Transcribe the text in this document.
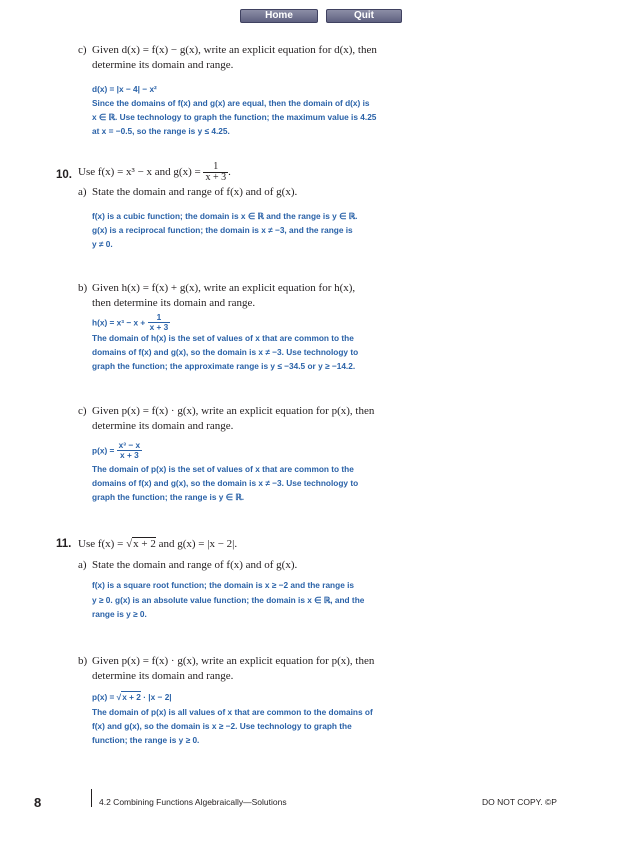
Home	Quit
c) Given d(x) = f(x) − g(x), write an explicit equation for d(x), then
determine its domain and range.
d(x) = |x − 4| − x²
Since the domains of f(x) and g(x) are equal, then the domain of d(x) is
x ∈ ℝ. Use technology to graph the function; the maximum value is 4.25
at x = −0.5, so the range is y ≤ 4.25.
10. Use f(x) = x³ − x and $g(x) = \frac{1}{x + 3}$ .
a) State the domain and range of f(x) and of g(x).
f(x) is a cubic function; the domain is x ∈ ℝ and the range is y ∈ ℝ.
g(x) is a reciprocal function; the domain is x ≠ −3, and the range is
y ≠ 0.
b) Given h(x) = f(x) + g(x), write an explicit equation for h(x),
then determine its domain and range.
$h(x) = x^3 - x + \frac{1}{x + 3}$
The domain of h(x) is the set of values of x that are common to the
domains of f(x) and g(x), so the domain is x ≠ −3. Use technology to
graph the function; the approximate range is y ≤ −34.5 or y ≥ −14.2.
c) Given p(x) = f(x) · g(x), write an explicit equation for p(x), then
determine its domain and range.
$p(x) = \frac{\text{x³ − x}}{x + 3}$
The domain of p(x) is the set of values of x that are common to the
domains of f(x) and g(x), so the domain is x ≠ −3. Use technology to
graph the function; the range is y ∈ ℝ.
11. Use f(x) = √x + 2 and g(x) = |x − 2|.
a) State the domain and range of f(x) and of g(x).
f(x) is a square root function; the domain is x ≥ −2 and the range is
y ≥ 0. g(x) is an absolute value function; the domain is x ∈ ℝ, and the
range is y ≥ 0.
b) Given p(x) = f(x) · g(x), write an explicit equation for p(x), then
determine its domain and range.
p(x) = √x + 2 · |x − 2|
The domain of p(x) is all values of x that are common to the domains of
f(x) and g(x), so the domain is x ≥ −2. Use technology to graph the
function; the range is y ≥ 0.
8	4.2 Combining Functions Algebraically—Solutions	DO NOT COPY. ©P
